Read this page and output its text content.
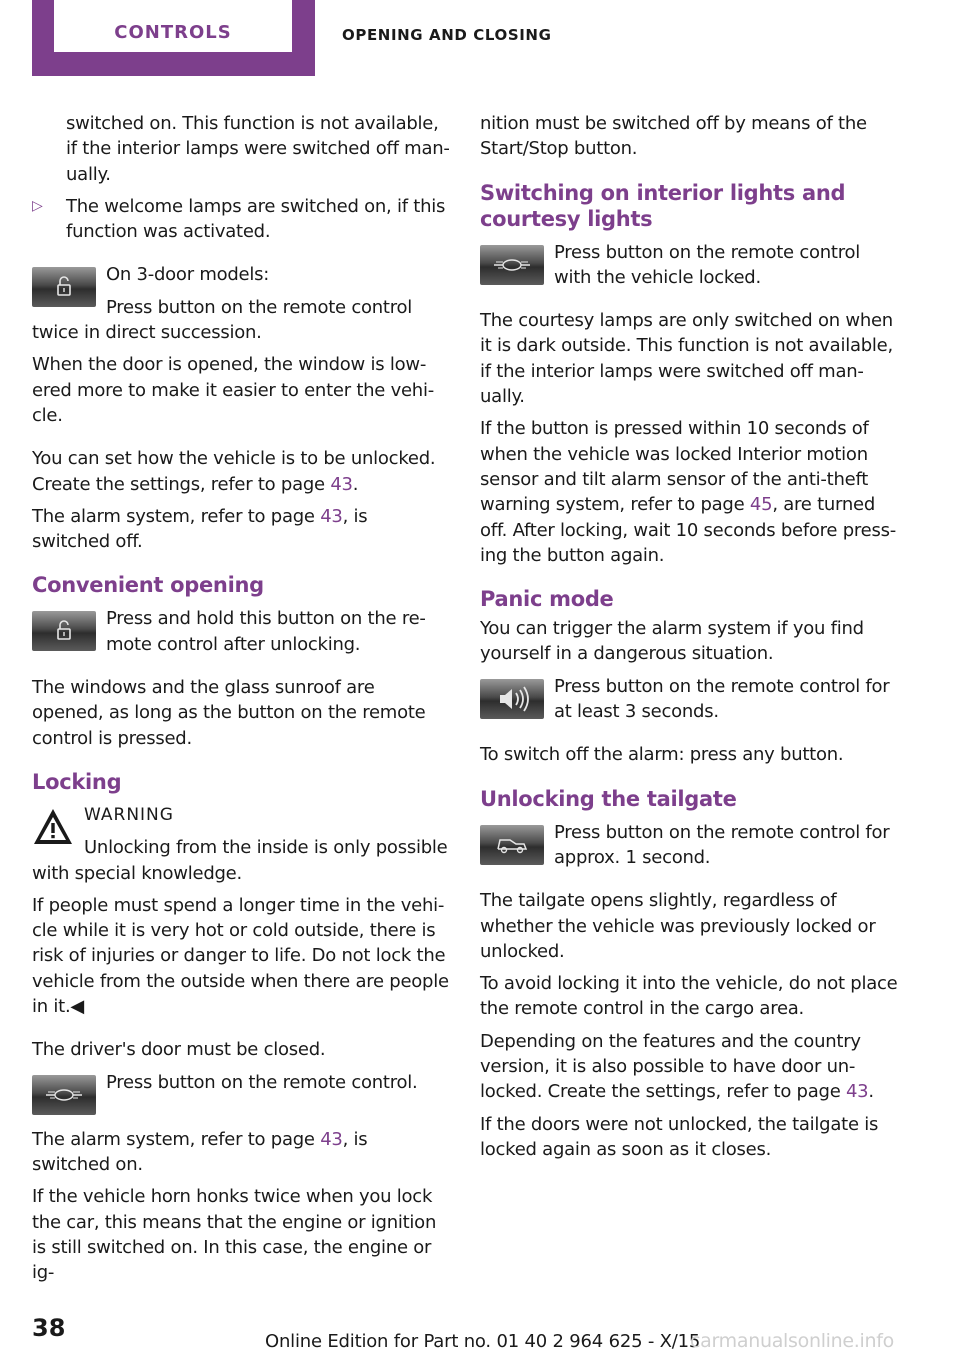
CONTROLS	OPENING AND CLOSING

switched on. This function is not available, if the interior lamps were switched off man‐ually.

▷ The welcome lamps are switched on, if this function was activated.

On 3-door models:

Press button on the remote control twice in direct succession.

When the door is opened, the window is low‐ered more to make it easier to enter the vehi‐cle.

You can set how the vehicle is to be unlocked. Create the settings, refer to page 43.

The alarm system, refer to page 43, is switched off.

Convenient opening

Press and hold this button on the re‐mote control after unlocking.

The windows and the glass sunroof are opened, as long as the button on the remote control is pressed.

Locking

WARNING

Unlocking from the inside is only possible with special knowledge.

If people must spend a longer time in the vehi‐cle while it is very hot or cold outside, there is risk of injuries or danger to life. Do not lock the vehicle from the outside when there are people in it.◀

The driver's door must be closed.

Press button on the remote control.

The alarm system, refer to page 43, is switched on.

If the vehicle horn honks twice when you lock the car, this means that the engine or ignition is still switched on. In this case, the engine or ig‐

nition must be switched off by means of the Start/Stop button.

Switching on interior lights and courtesy lights

Press button on the remote control with the vehicle locked.

The courtesy lamps are only switched on when it is dark outside. This function is not available, if the interior lamps were switched off man‐ually.

If the button is pressed within 10 seconds of when the vehicle was locked Interior motion sensor and tilt alarm sensor of the anti-theft warning system, refer to page 45, are turned off. After locking, wait 10 seconds before press‐ing the button again.

Panic mode

You can trigger the alarm system if you find yourself in a dangerous situation.

Press button on the remote control for at least 3 seconds.

To switch off the alarm: press any button.

Unlocking the tailgate

Press button on the remote control for approx. 1 second.

The tailgate opens slightly, regardless of whether the vehicle was previously locked or unlocked.

To avoid locking it into the vehicle, do not place the remote control in the cargo area.

Depending on the features and the country version, it is also possible to have door un‐locked. Create the settings, refer to page 43.

If the doors were not unlocked, the tailgate is locked again as soon as it closes.

38	Online Edition for Part no. 01 40 2 964 625 - X/15
carmanualsonline.info
